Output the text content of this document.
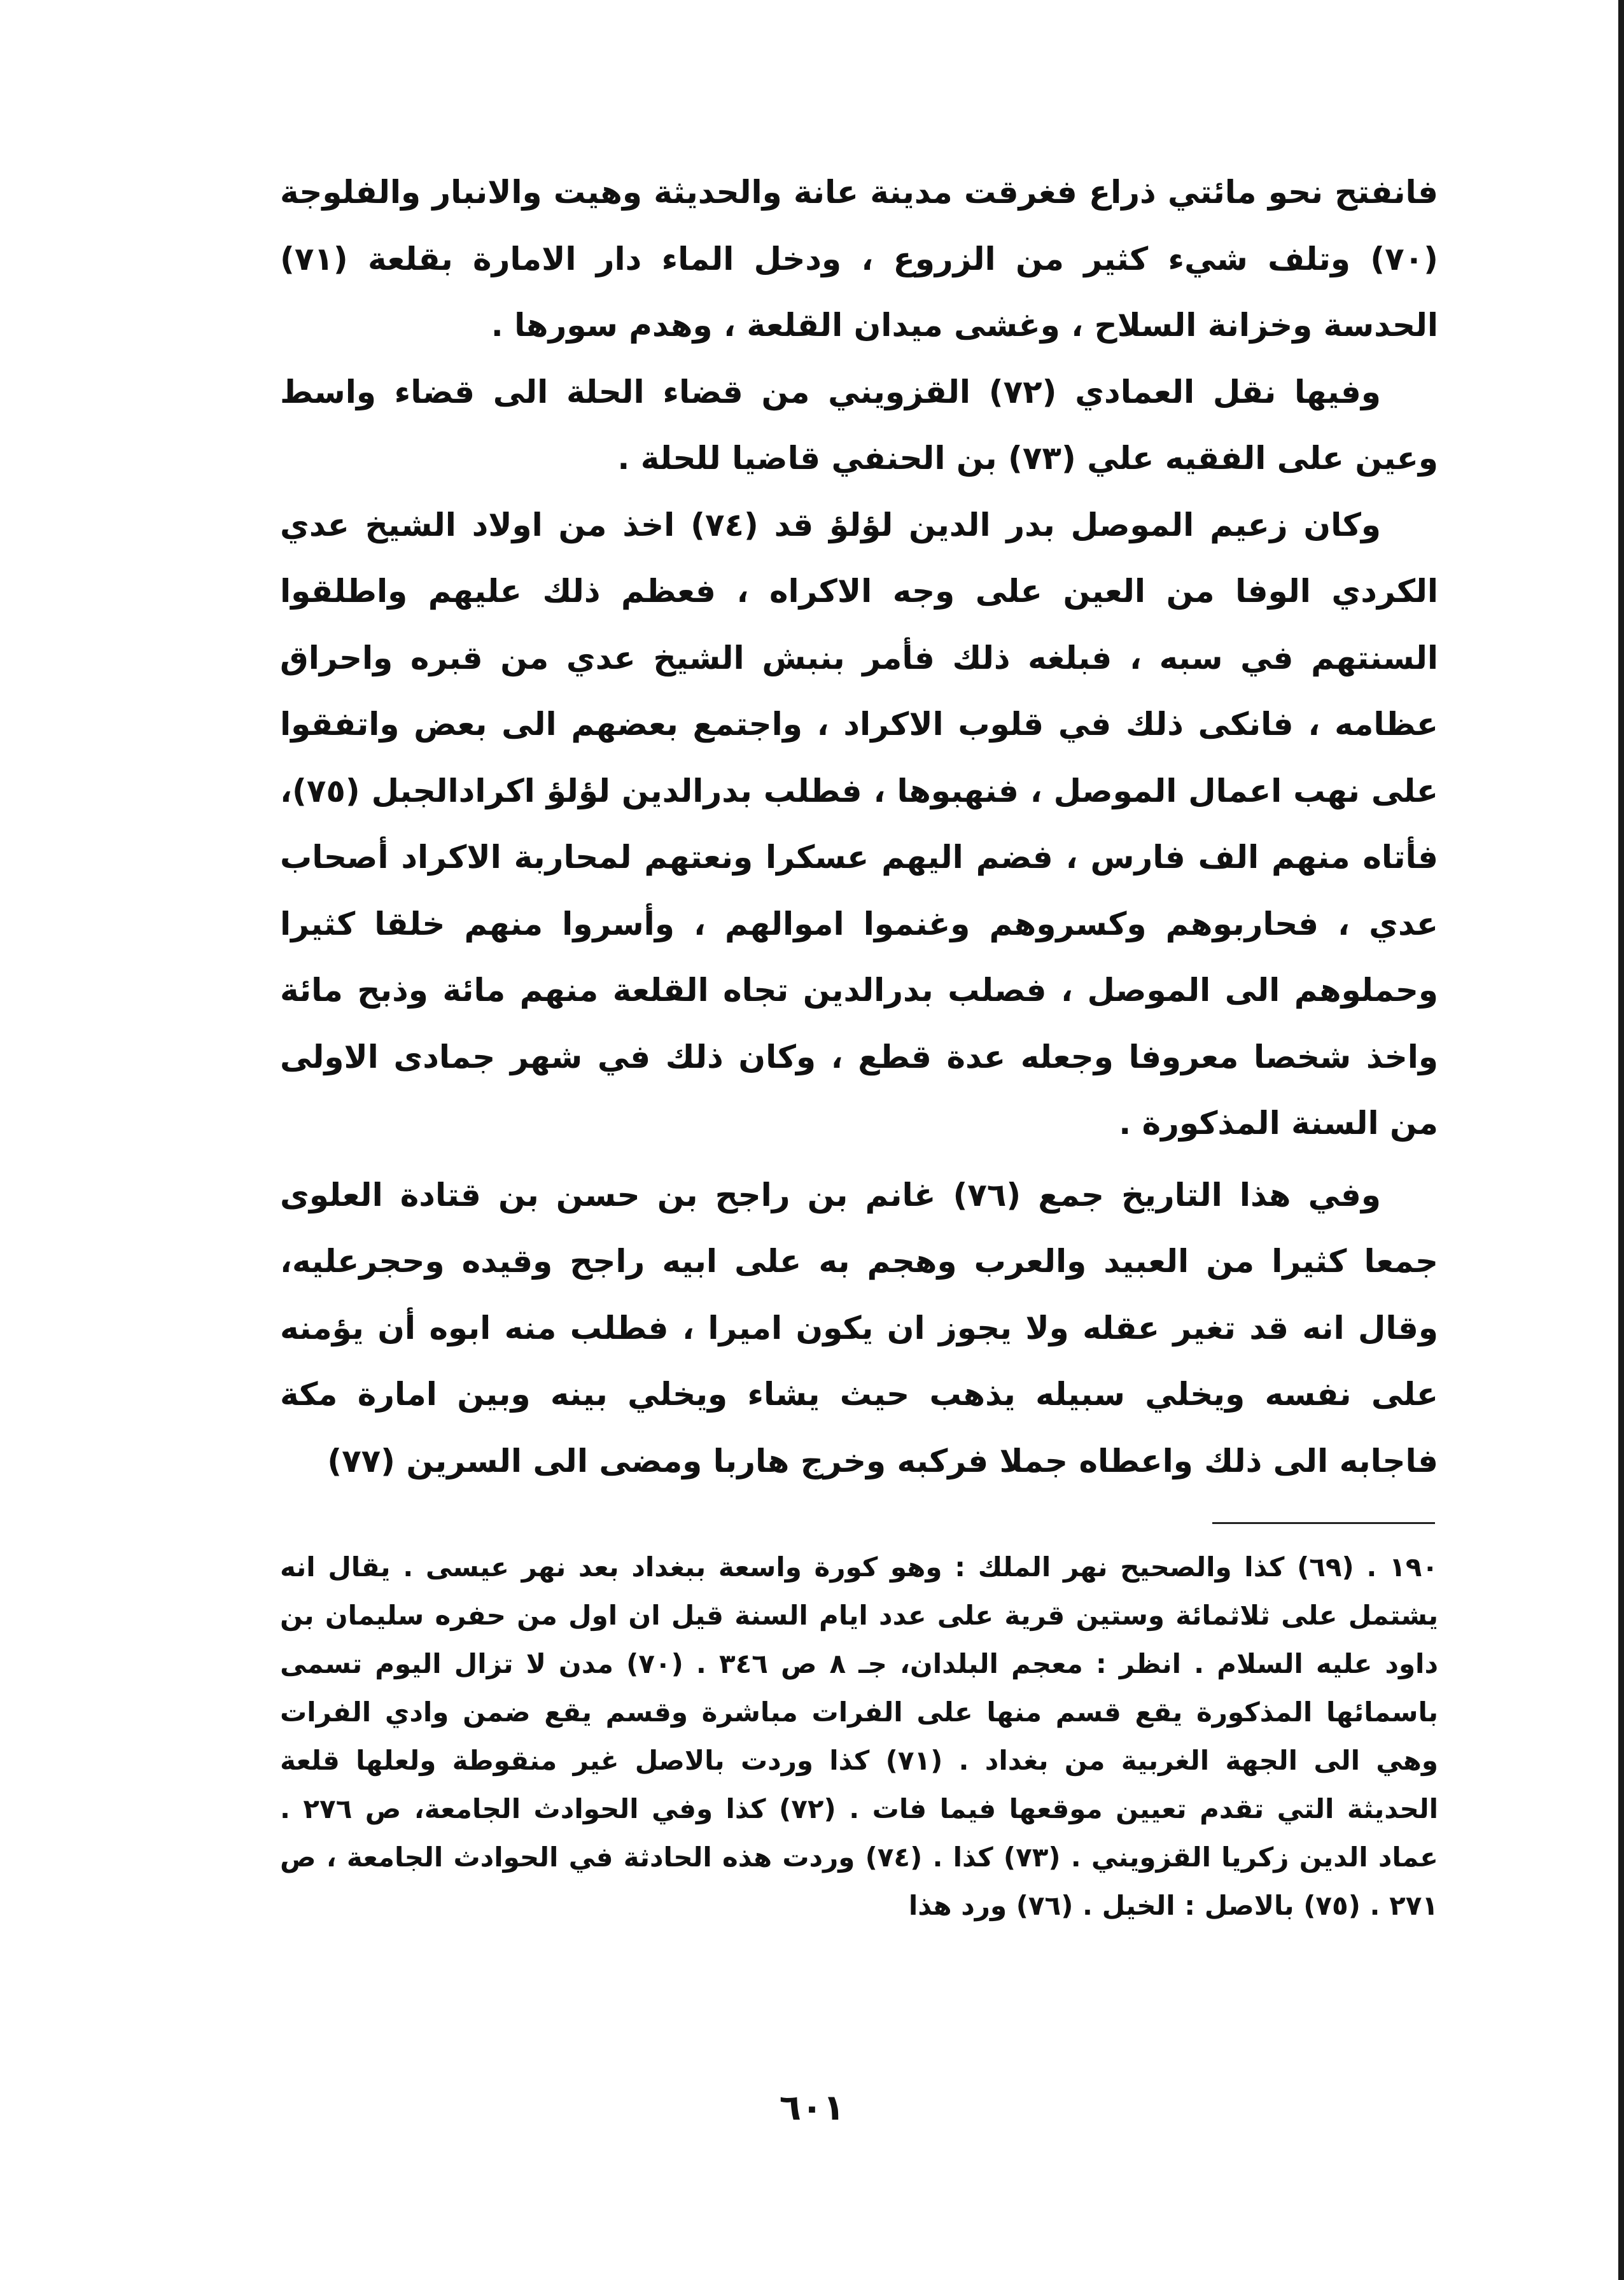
فانفتح نحو مائتي ذراع فغرقت مدينة عانة والحديثة وهيت والانبار والفلوجة (٧٠) وتلف شيء كثير من الزروع ، ودخل الماء دار الامارة بقلعة (٧١) الحدسة وخزانة السلاح ، وغشى ميدان القلعة ، وهدم سورها .

وفيها نقل العمادي (٧٢) القزويني من قضاء الحلة الى قضاء واسط وعين على الفقيه علي (٧٣) بن الحنفي قاضيا للحلة .

وكان زعيم الموصل بدر الدين لؤلؤ قد (٧٤) اخذ من اولاد الشيخ عدي الكردي الوفا من العين على وجه الاكراه ، فعظم ذلك عليهم واطلقوا السنتهم في سبه ، فبلغه ذلك فأمر بنبش الشيخ عدي من قبره واحراق عظامه ، فانكى ذلك في قلوب الاكراد ، واجتمع بعضهم الى بعض واتفقوا على نهب اعمال الموصل ، فنهبوها ، فطلب بدرالدين لؤلؤ اكرادالجبل (٧٥)، فأتاه منهم الف فارس ، فضم اليهم عسكرا ونعتهم لمحاربة الاكراد أصحاب عدي ، فحاربوهم وكسروهم وغنموا اموالهم ، وأسروا منهم خلقا كثيرا وحملوهم الى الموصل ، فصلب بدرالدين تجاه القلعة منهم مائة وذبح مائة واخذ شخصا معروفا وجعله عدة قطع ، وكان ذلك في شهر جمادى الاولى من السنة المذكورة .

وفي هذا التاريخ جمع (٧٦) غانم بن راجح بن حسن بن قتادة العلوى جمعا كثيرا من العبيد والعرب وهجم به على ابيه راجح وقيده وحجرعليه، وقال انه قد تغير عقله ولا يجوز ان يكون اميرا ، فطلب منه ابوه أن يؤمنه على نفسه ويخلي سبيله يذهب حيث يشاء ويخلي بينه وبين امارة مكة فاجابه الى ذلك واعطاه جملا فركبه وخرج هاربا ومضى الى السرين (٧٧)

١٩٠ . (٦٩) كذا والصحيح نهر الملك : وهو كورة واسعة ببغداد بعد نهر عيسى . يقال انه يشتمل على ثلاثمائة وستين قرية على عدد ايام السنة قيل ان اول من حفره سليمان بن داود عليه السلام . انظر : معجم البلدان، جـ ٨ ص ٣٤٦ . (٧٠) مدن لا تزال اليوم تسمى باسمائها المذكورة يقع قسم منها على الفرات مباشرة وقسم يقع ضمن وادي الفرات وهي الى الجهة الغربية من بغداد . (٧١) كذا وردت بالاصل غير منقوطة ولعلها قلعة الحديثة التي تقدم تعيين موقعها فيما فات . (٧٢) كذا وفي الحوادث الجامعة، ص ٢٧٦ . عماد الدين زكريا القزويني . (٧٣) كذا . (٧٤) وردت هذه الحادثة في الحوادث الجامعة ، ص ٢٧١ . (٧٥) بالاصل : الخيل . (٧٦) ورد هذا
٦٠١
